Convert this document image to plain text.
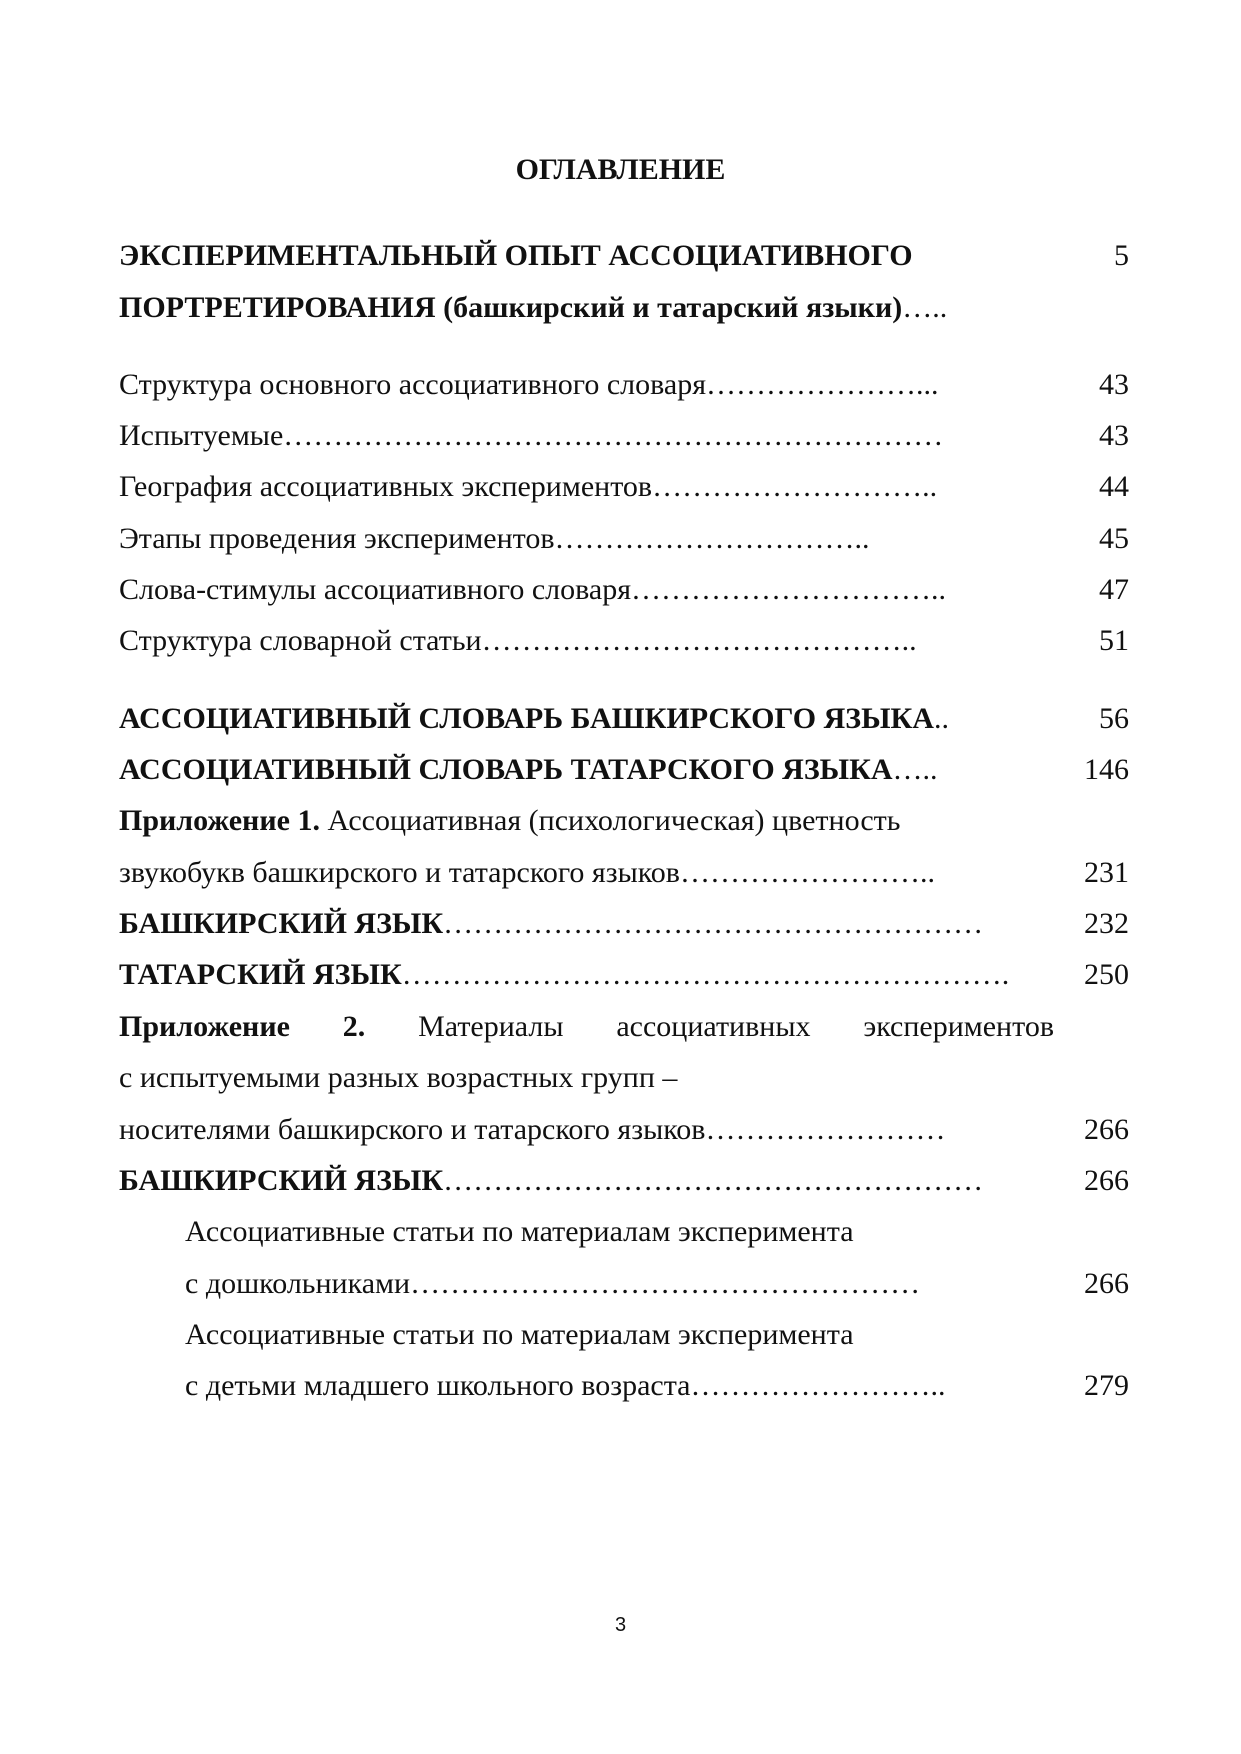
ОГЛАВЛЕНИЕ
ЭКСПЕРИМЕНТАЛЬНЫЙ ОПЫТ АССОЦИАТИВНОГО	5
ПОРТРЕТИРОВАНИЯ (башкирский и татарский языки)…..
Структура основного ассоциативного словаря…………………...	43
Испытуемые…………………………………………………………	43
География ассоциативных экспериментов………………………..	44
Этапы проведения экспериментов…………………………..	45
Слова-стимулы ассоциативного словаря…………………………..	47
Структура словарной статьи……………………………………..	51
АССОЦИАТИВНЫЙ СЛОВАРЬ БАШКИРСКОГО ЯЗЫКА..	56
АССОЦИАТИВНЫЙ СЛОВАРЬ ТАТАРСКОГО ЯЗЫКА…..	146
Приложение 1. Ассоциативная (психологическая) цветность
звукобукв башкирского и татарского языков……………………..	231
БАШКИРСКИЙ ЯЗЫК………………………………………………	232
ТАТАРСКИЙ ЯЗЫК…………………………………………………….	250
Приложение 2. Материалы ассоциативных экспериментов
с испытуемыми разных возрастных групп –
носителями башкирского и татарского языков……………………	266
БАШКИРСКИЙ ЯЗЫК………………………………………………	266
Ассоциативные статьи по материалам эксперимента
с дошкольниками……………………………………………	266
Ассоциативные статьи по материалам эксперимента
с детьми младшего школьного возраста……………………..	279
3
